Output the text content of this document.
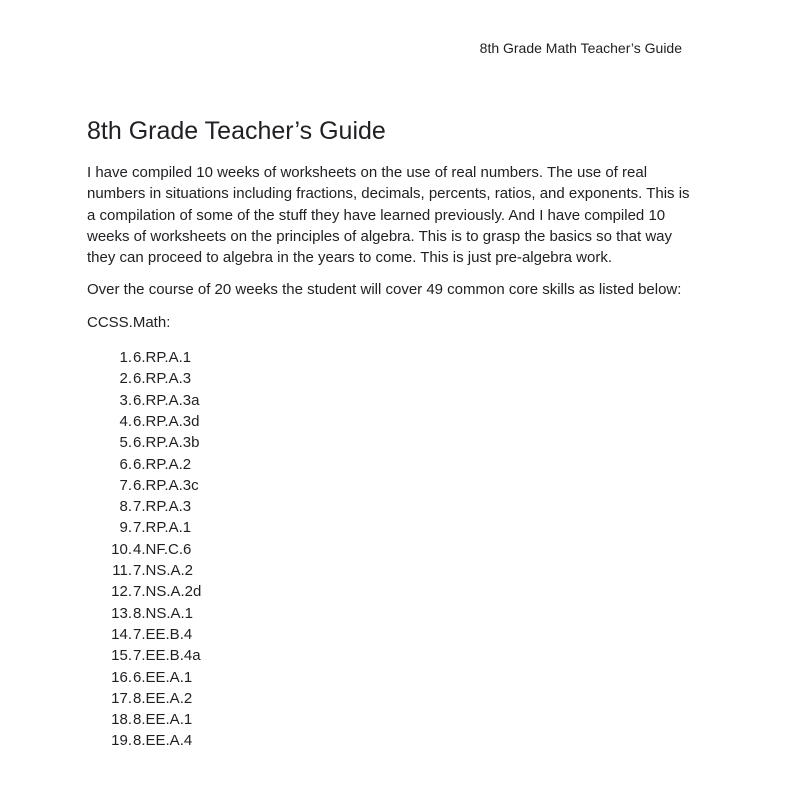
8th Grade Math Teacher’s Guide
8th Grade Teacher’s Guide

I have compiled 10 weeks of worksheets on the use of real numbers. The use of real numbers in situations including fractions, decimals, percents, ratios, and exponents. This is a compilation of some of the stuff they have learned previously. And I have compiled 10 weeks of worksheets on the principles of algebra. This is to grasp the basics so that way they can proceed to algebra in the years to come. This is just pre-algebra work.

Over the course of 20 weeks the student will cover 49 common core skills as listed below:

CCSS.Math:

1. 6.RP.A.1
2. 6.RP.A.3
3. 6.RP.A.3a
4. 6.RP.A.3d
5. 6.RP.A.3b
6. 6.RP.A.2
7. 6.RP.A.3c
8. 7.RP.A.3
9. 7.RP.A.1
10. 4.NF.C.6
11. 7.NS.A.2
12. 7.NS.A.2d
13. 8.NS.A.1
14. 7.EE.B.4
15. 7.EE.B.4a
16. 6.EE.A.1
17. 8.EE.A.2
18. 8.EE.A.1
19. 8.EE.A.4
